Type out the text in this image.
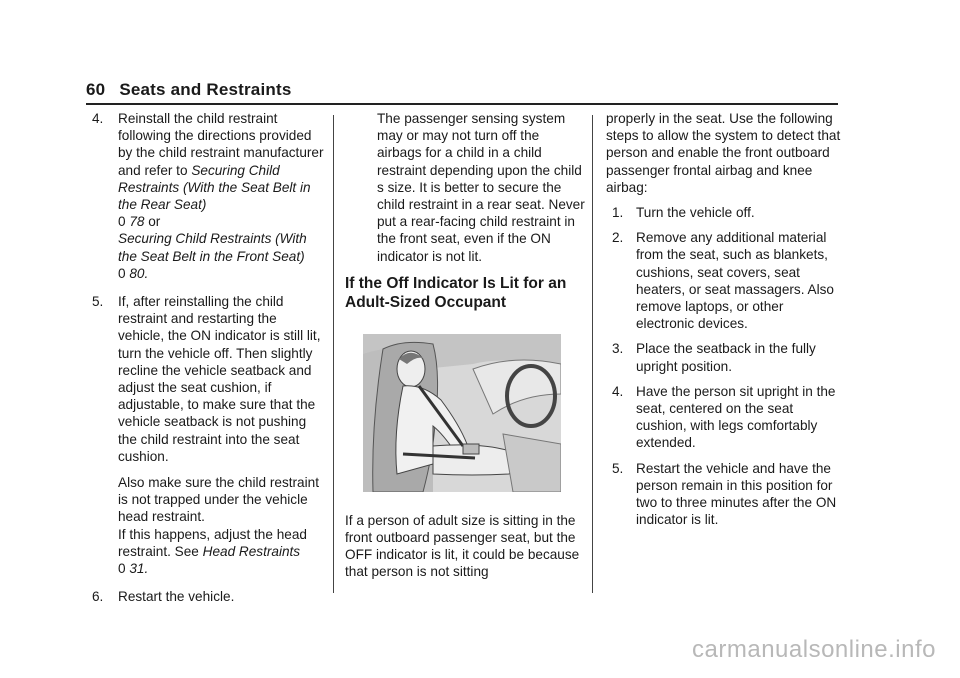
60 Seats and Restraints
4. Reinstall the child restraint following the directions provided by the child restraint manufacturer and refer to Securing Child Restraints (With the Seat Belt in the Rear Seat)
0 78 or
Securing Child Restraints (With the Seat Belt in the Front Seat)
0 80.

5. If, after reinstalling the child restraint and restarting the vehicle, the ON indicator is still lit, turn the vehicle off. Then slightly recline the vehicle seatback and adjust the seat cushion, if adjustable, to make sure that the vehicle seatback is not pushing the child restraint into the seat cushion.

Also make sure the child restraint is not trapped under the vehicle head restraint.
If this happens, adjust the head restraint. See Head Restraints
0 31.

6. Restart the vehicle.

The passenger sensing system may or may not turn off the airbags for a child in a child restraint depending upon the child s size. It is better to secure the child restraint in a rear seat. Never put a rear-facing child restraint in the front seat, even if the ON indicator is not lit.

If the Off Indicator Is Lit for an Adult-Sized Occupant

If a person of adult size is sitting in the front outboard passenger seat, but the OFF indicator is lit, it could be because that person is not sitting

properly in the seat. Use the following steps to allow the system to detect that person and enable the front outboard passenger frontal airbag and knee airbag:

1. Turn the vehicle off.

2. Remove any additional material from the seat, such as blankets, cushions, seat covers, seat heaters, or seat massagers. Also remove laptops, or other electronic devices.

3. Place the seatback in the fully upright position.

4. Have the person sit upright in the seat, centered on the seat cushion, with legs comfortably extended.

5. Restart the vehicle and have the person remain in this position for two to three minutes after the ON indicator is lit.

carmanualsonline.info
